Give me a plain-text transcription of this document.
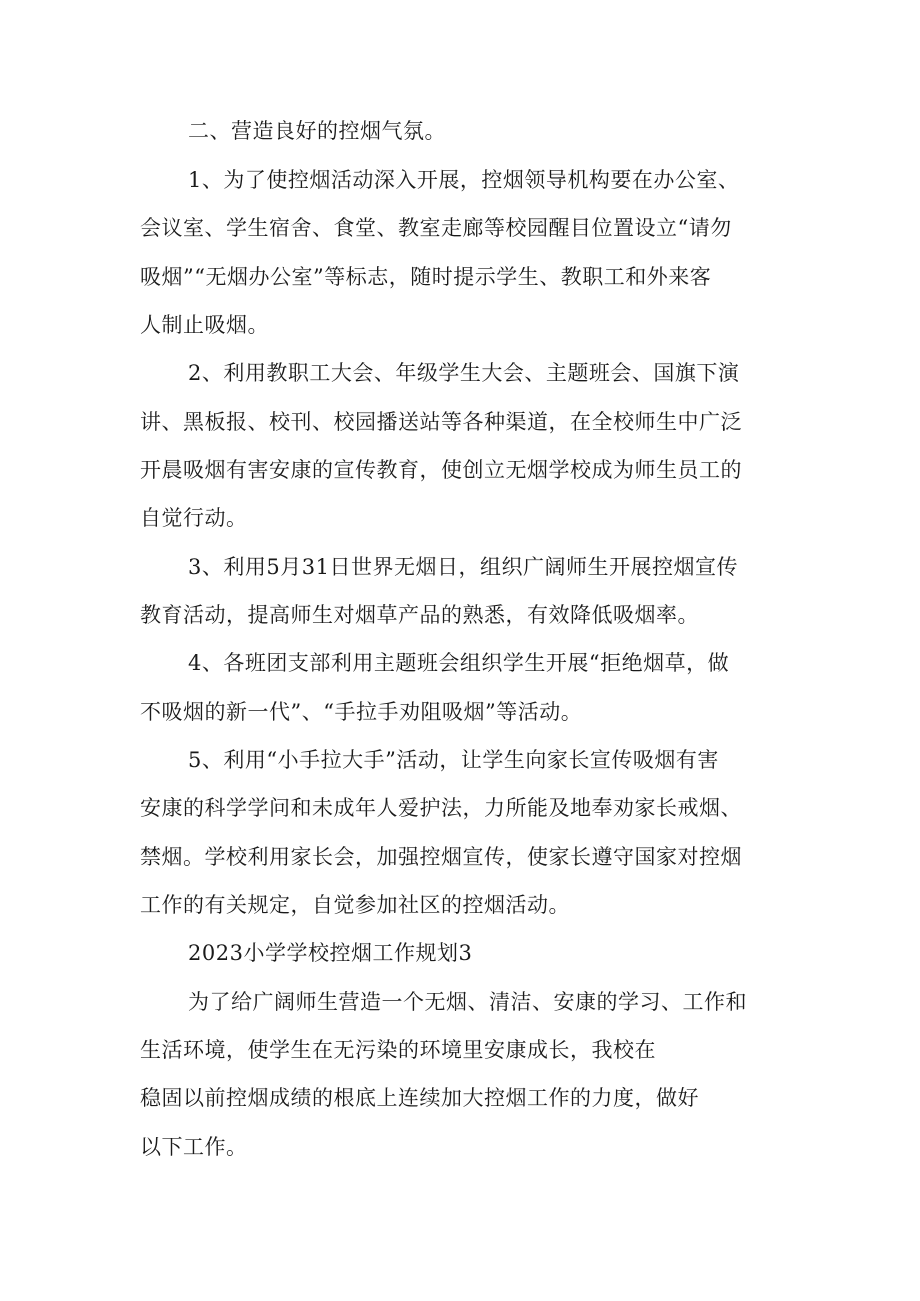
二、营造良好的控烟气氛。
1、为了使控烟活动深入开展，控烟领导机构要在办公室、
会议室、学生宿舍、食堂、教室走廊等校园醒目位置设立“请勿
吸烟”“无烟办公室”等标志，随时提示学生、教职工和外来客
人制止吸烟。
2、利用教职工大会、年级学生大会、主题班会、国旗下演
讲、黑板报、校刊、校园播送站等各种渠道，在全校师生中广泛
开晨吸烟有害安康的宣传教育，使创立无烟学校成为师生员工的
自觉行动。
3、利用5月31日世界无烟日，组织广阔师生开展控烟宣传
教育活动，提高师生对烟草产品的熟悉，有效降低吸烟率。
4、各班团支部利用主题班会组织学生开展“拒绝烟草，做
不吸烟的新一代”、“手拉手劝阻吸烟”等活动。
5、利用“小手拉大手”活动，让学生向家长宣传吸烟有害
安康的科学学问和未成年人爱护法，力所能及地奉劝家长戒烟、
禁烟。学校利用家长会，加强控烟宣传，使家长遵守国家对控烟
工作的有关规定，自觉参加社区的控烟活动。
2023小学学校控烟工作规划3
为了给广阔师生营造一个无烟、清洁、安康的学习、工作和
生活环境，使学生在无污染的环境里安康成长，我校在
稳固以前控烟成绩的根底上连续加大控烟工作的力度，做好
以下工作。
